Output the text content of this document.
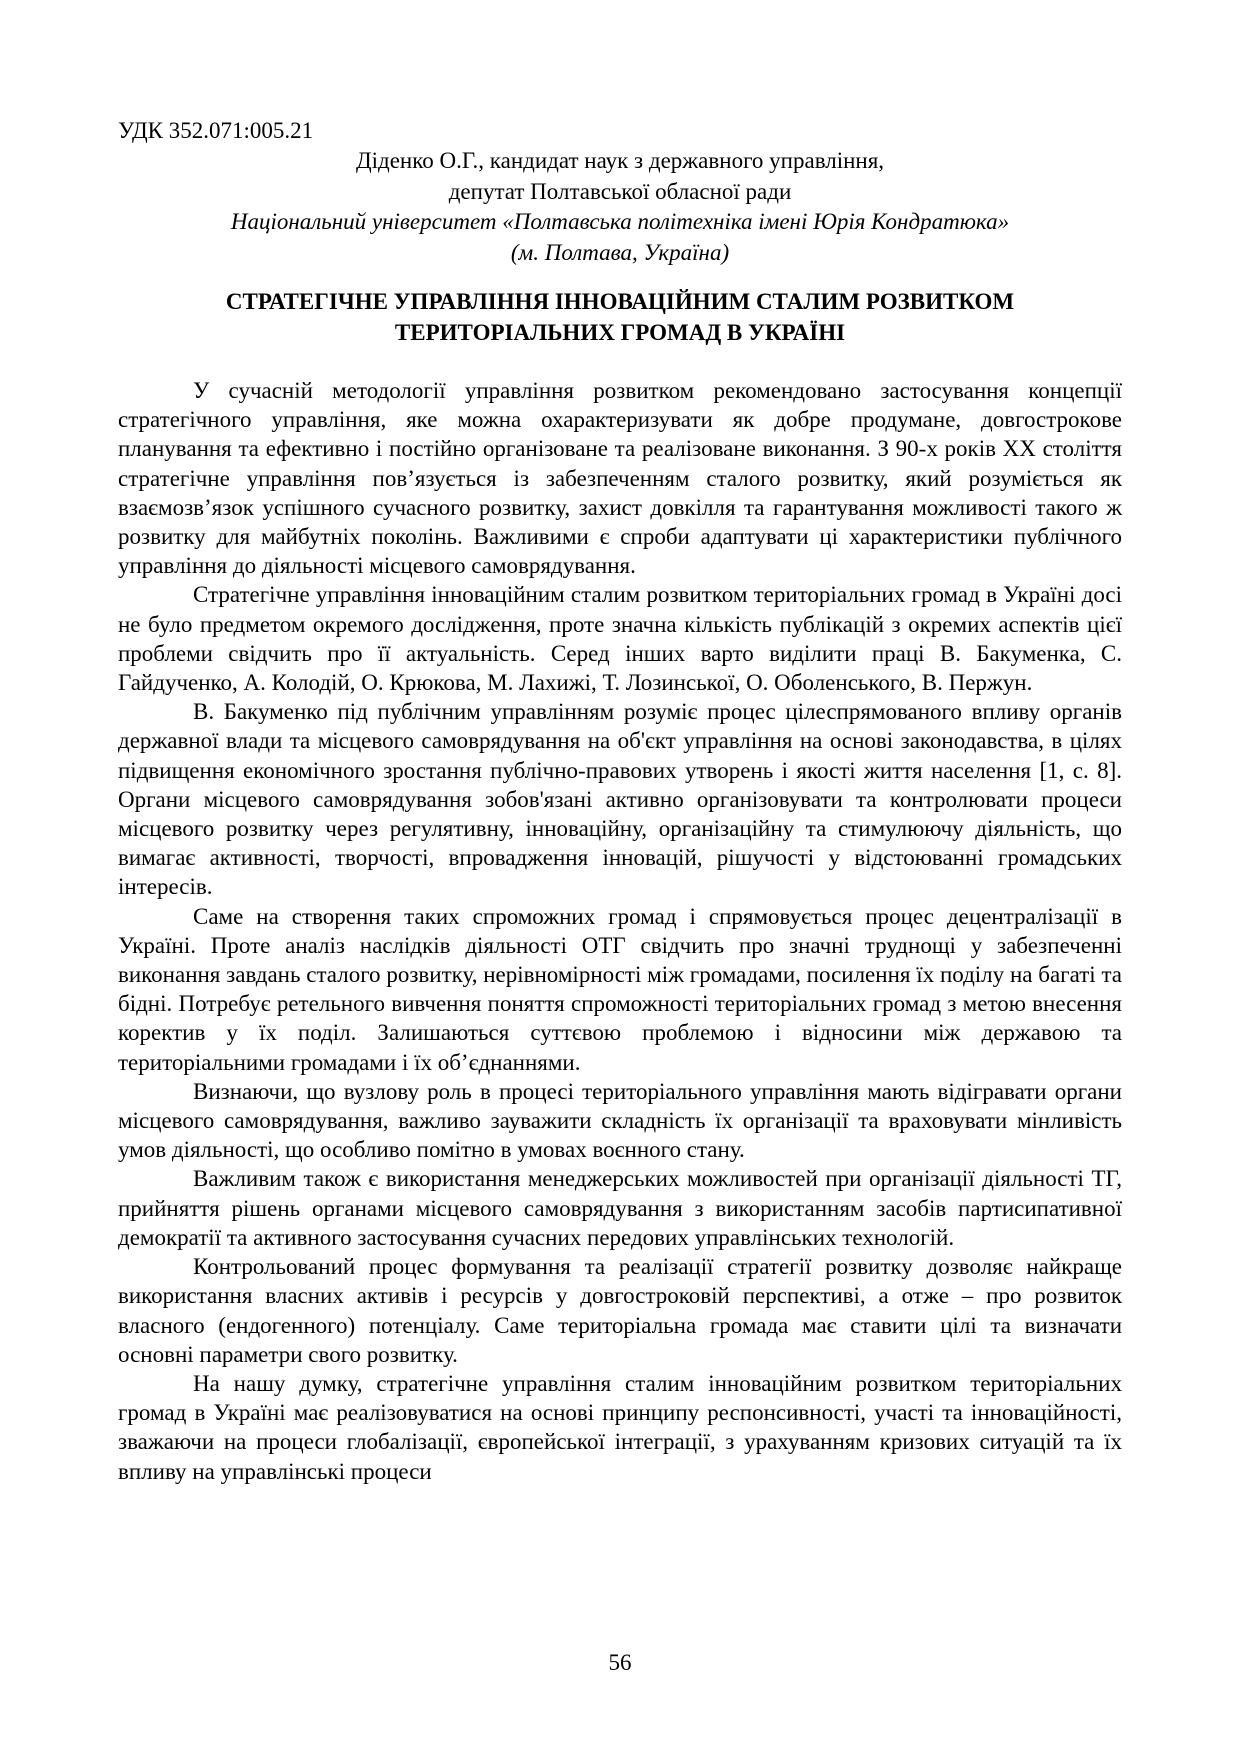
УДК 352.071:005.21
Діденко О.Г., кандидат наук з державного управління,
депутат Полтавської обласної ради
Національний університет «Полтавська політехніка імені Юрія Кондратюка»
(м. Полтава, Україна)
СТРАТЕГІЧНЕ УПРАВЛІННЯ ІННОВАЦІЙНИМ СТАЛИМ РОЗВИТКОМ
ТЕРИТОРІАЛЬНИХ ГРОМАД В УКРАЇНІ

У сучасній методології управління розвитком рекомендовано застосування концепції стратегічного управління, яке можна охарактеризувати як добре продумане, довгострокове планування та ефективно і постійно організоване та реалізоване виконання. З 90-х років ХХ століття стратегічне управління пов’язується із забезпеченням сталого розвитку, який розуміється як взаємозв’язок успішного сучасного розвитку, захист довкілля та гарантування можливості такого ж розвитку для майбутніх поколінь. Важливими є спроби адаптувати ці характеристики публічного управління до діяльності місцевого самоврядування.

Стратегічне управління інноваційним сталим розвитком територіальних громад в Україні досі не було предметом окремого дослідження, проте значна кількість публікацій з окремих аспектів цієї проблеми свідчить про її актуальність. Серед інших варто виділити праці В. Бакуменка, С. Гайдученко, А. Колодій, О. Крюкова, М. Лахижі, Т. Лозинської, О. Оболенського, В. Пержун.

В. Бакуменко під публічним управлінням розуміє процес цілеспрямованого впливу органів державної влади та місцевого самоврядування на об'єкт управління на основі законодавства, в цілях підвищення економічного зростання публічно-правових утворень і якості життя населення [1, с. 8]. Органи місцевого самоврядування зобов'язані активно організовувати та контролювати процеси місцевого розвитку через регулятивну, інноваційну, організаційну та стимулюючу діяльність, що вимагає активності, творчості, впровадження інновацій, рішучості у відстоюванні громадських інтересів.

Саме на створення таких спроможних громад і спрямовується процес децентралізації в Україні. Проте аналіз наслідків діяльності ОТГ свідчить про значні труднощі у забезпеченні виконання завдань сталого розвитку, нерівномірності між громадами, посилення їх поділу на багаті та бідні. Потребує ретельного вивчення поняття спроможності територіальних громад з метою внесення коректив у їх поділ. Залишаються суттєвою проблемою і відносини між державою та територіальними громадами і їх об’єднаннями.

Визнаючи, що вузлову роль в процесі територіального управління мають відігравати органи місцевого самоврядування, важливо зауважити складність їх організації та враховувати мінливість умов діяльності, що особливо помітно в умовах воєнного стану.

Важливим також є використання менеджерських можливостей при організації діяльності ТГ, прийняття рішень органами місцевого самоврядування з використанням засобів партисипативної демократії та активного застосування сучасних передових управлінських технологій.

Контрольований процес формування та реалізації стратегії розвитку дозволяє найкраще використання власних активів і ресурсів у довгостроковій перспективі, а отже – про розвиток власного (ендогенного) потенціалу. Саме територіальна громада має ставити цілі та визначати основні параметри свого розвитку.

На нашу думку, стратегічне управління сталим інноваційним розвитком територіальних громад в Україні має реалізовуватися на основі принципу респонсивності, участі та інноваційності, зважаючи на процеси глобалізації, європейської інтеграції, з урахуванням кризових ситуацій та їх впливу на управлінські процеси

56
